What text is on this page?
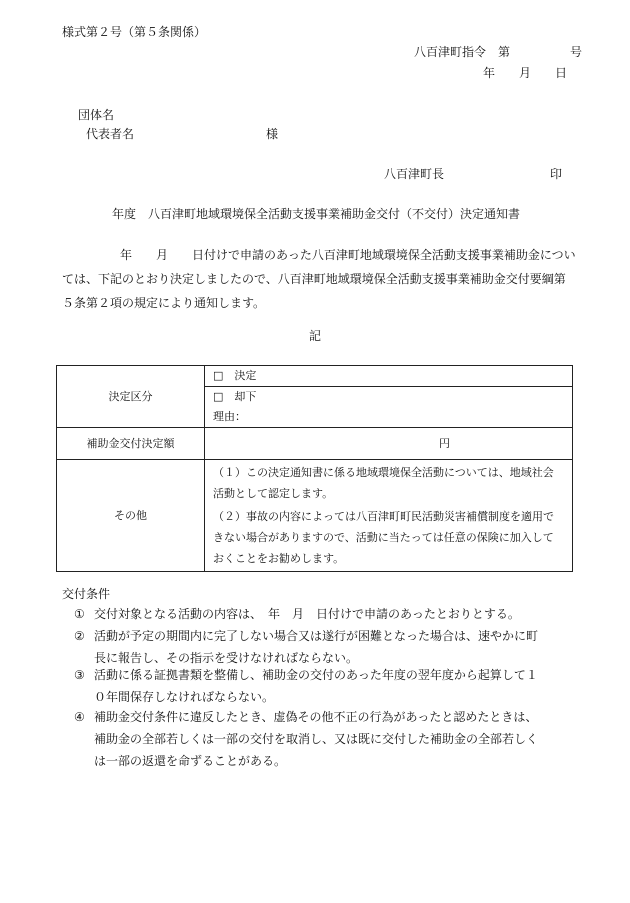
様式第２号（第５条関係）
八百津町指令　第　　　　　号
年　　月　　日
団体名
代表者名	様
八百津町長	印
年度　八百津町地域環境保全活動支援事業補助金交付（不交付）決定通知書
年　　月　　日付けで申請のあった八百津町地域環境保全活動支援事業補助金については、下記のとおり決定しましたので、八百津町地域環境保全活動支援事業補助金交付要綱第５条第２項の規定により通知します。
記
決定区分	□　決定
□　却下
理由：

補助金交付決定額	円
その他	（１）この決定通知書に係る地域環境保全活動については、地域社会活動として認定します。
（２）事故の内容によっては八百津町町民活動災害補償制度を適用できない場合がありますので、活動に当たっては任意の保険に加入しておくことをお勧めします。
交付条件
① 交付対象となる活動の内容は、　年　月　日付けで申請のあったとおりとする。
② 活動が予定の期間内に完了しない場合又は遂行が困難となった場合は、速やかに町長に報告し、その指示を受けなければならない。
③ 活動に係る証拠書類を整備し、補助金の交付のあった年度の翌年度から起算して１０年間保存しなければならない。
④ 補助金交付条件に違反したとき、虚偽その他不正の行為があったと認めたときは、補助金の全部若しくは一部の交付を取消し、又は既に交付した補助金の全部若しくは一部の返還を命ずることがある。
